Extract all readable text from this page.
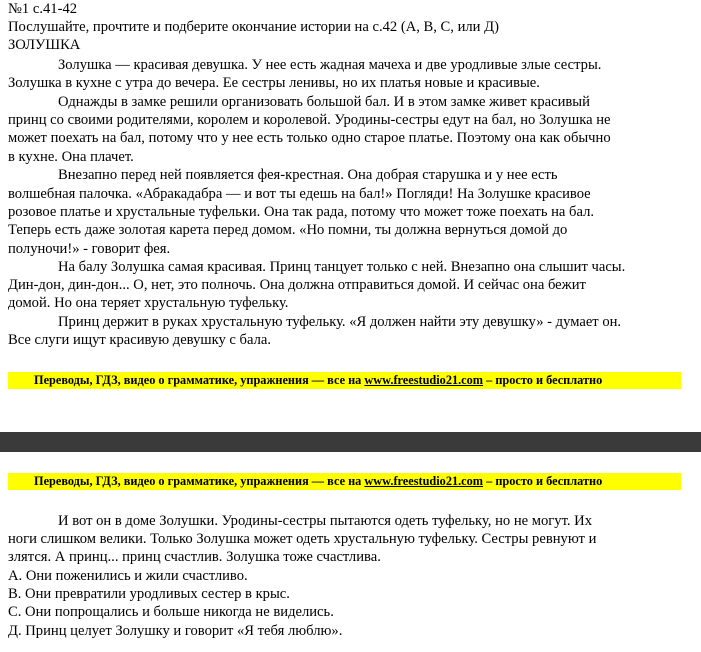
№1 с.41-42
Послушайте, прочтите и подберите окончание истории на с.42 (A, B, C, или Д)
ЗОЛУШКА
Золушка — красивая девушка. У нее есть жадная мачеха и две уродливые злые сестры.
Золушка в кухне с утра до вечера. Ее сестры ленивы, но их платья новые и красивые.
Однажды в замке решили организовать большой бал. И в этом замке живет красивый
принц со своими родителями, королем и королевой. Уродины-сестры едут на бал, но Золушка не
может поехать на бал, потому что у нее есть только одно старое платье. Поэтому она как обычно
в кухне. Она плачет.
Внезапно перед ней появляется фея-крестная. Она добрая старушка и у нее есть
волшебная палочка. «Абракадабра — и вот ты едешь на бал!» Погляди! На Золушке красивое
розовое платье и хрустальные туфельки. Она так рада, потому что может тоже поехать на бал.
Теперь есть даже золотая карета перед домом. «Но помни, ты должна вернуться домой до
полуночи!» - говорит фея.
На балу Золушка самая красивая. Принц танцует только с ней. Внезапно она слышит часы.
Дин-дон, дин-дон... О, нет, это полночь. Она должна отправиться домой. И сейчас она бежит
домой. Но она теряет хрустальную туфельку.
Принц держит в руках хрустальную туфельку. «Я должен найти эту девушку» - думает он.
Все слуги ищут красивую девушку с бала.
Переводы, ГДЗ, видео о грамматике, упражнения — все на www.freestudio21.com – просто и бесплатно
Переводы, ГДЗ, видео о грамматике, упражнения — все на www.freestudio21.com – просто и бесплатно
И вот он в доме Золушки. Уродины-сестры пытаются одеть туфельку, но не могут. Их
ноги слишком велики. Только Золушка может одеть хрустальную туфельку. Сестры ревнуют и
злятся. А принц... принц счастлив. Золушка тоже счастлива.
А. Они поженились и жили счастливо.
В. Они превратили уродливых сестер в крыс.
С. Они попрощались и больше никогда не виделись.
Д. Принц целует Золушку и говорит «Я тебя люблю».
